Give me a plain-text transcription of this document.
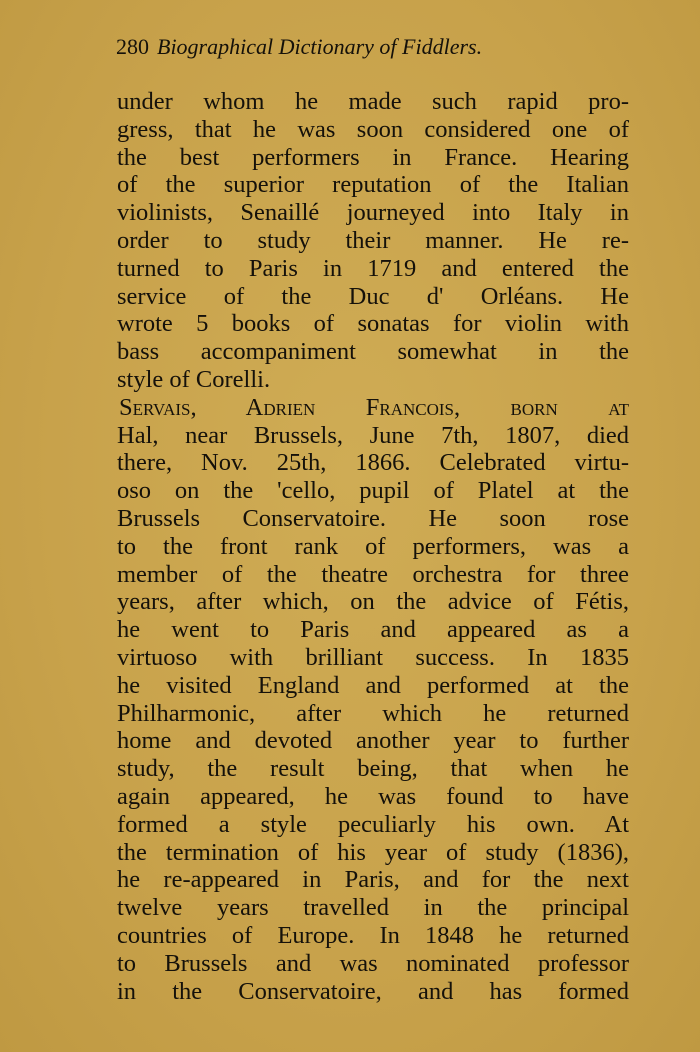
280 Biographical Dictionary of Fiddlers.
under whom he made such rapid pro-
gress, that he was soon considered one of
the best performers in France. Hearing
of the superior reputation of the Italian
violinists, Senaillé journeyed into Italy in
order to study their manner. He re-
turned to Paris in 1719 and entered the
service of the Duc d' Orléans. He
wrote 5 books of sonatas for violin with
bass accompaniment somewhat in the
style of Corelli.
Servais, Adrien Francois, born at
Hal, near Brussels, June 7th, 1807, died
there, Nov. 25th, 1866. Celebrated virtu-
oso on the 'cello, pupil of Platel at the
Brussels Conservatoire. He soon rose
to the front rank of performers, was a
member of the theatre orchestra for three
years, after which, on the advice of Fétis,
he went to Paris and appeared as a
virtuoso with brilliant success. In 1835
he visited England and performed at the
Philharmonic, after which he returned
home and devoted another year to further
study, the result being, that when he
again appeared, he was found to have
formed a style peculiarly his own. At
the termination of his year of study (1836),
he re-appeared in Paris, and for the next
twelve years travelled in the principal
countries of Europe. In 1848 he returned
to Brussels and was nominated professor
in the Conservatoire, and has formed
